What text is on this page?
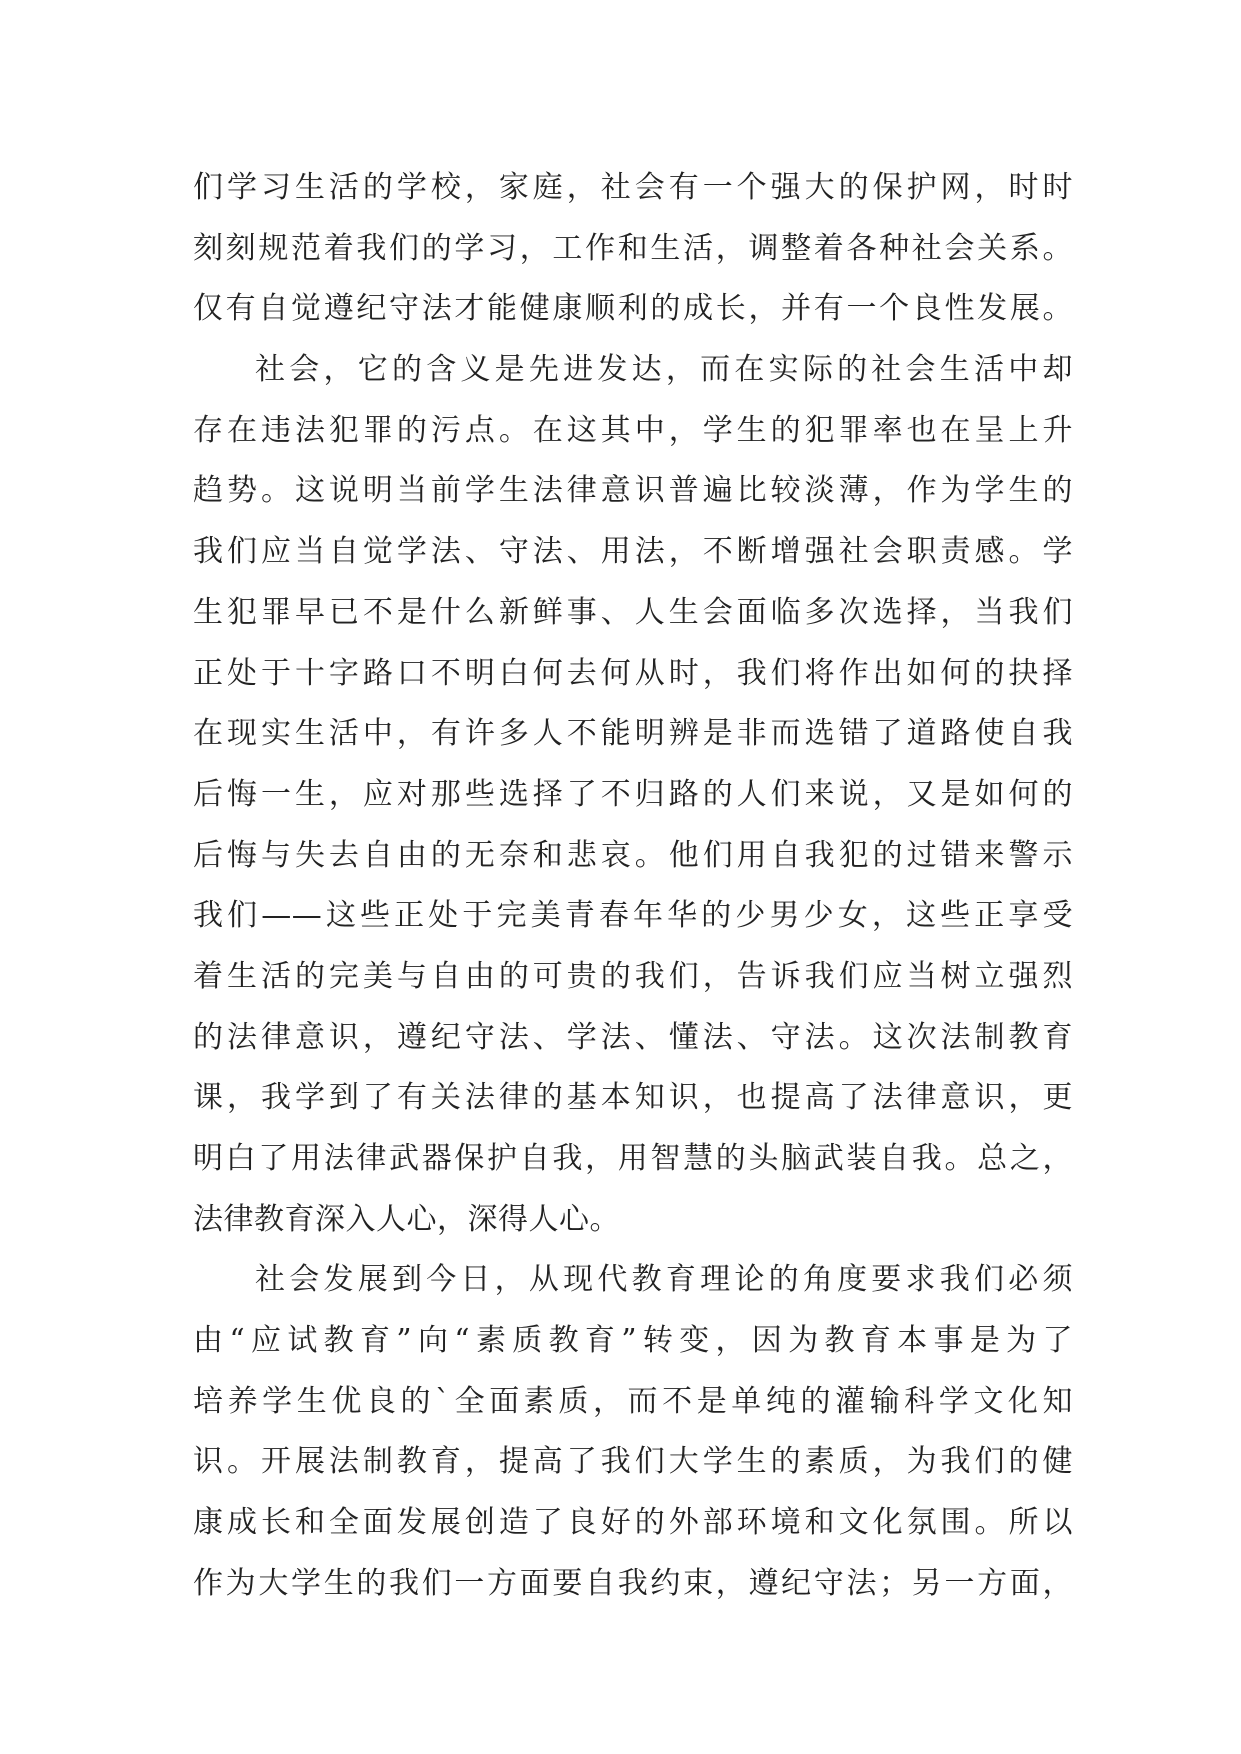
们学习生活的学校，家庭，社会有一个强大的保护网，时时
刻刻规范着我们的学习，工作和生活，调整着各种社会关系。
仅有自觉遵纪守法才能健康顺利的成长，并有一个良性发展。
社会，它的含义是先进发达，而在实际的社会生活中却
存在违法犯罪的污点。在这其中，学生的犯罪率也在呈上升
趋势。这说明当前学生法律意识普遍比较淡薄，作为学生的
我们应当自觉学法、守法、用法，不断增强社会职责感。学
生犯罪早已不是什么新鲜事、人生会面临多次选择，当我们
正处于十字路口不明白何去何从时，我们将作出如何的抉择
在现实生活中，有许多人不能明辨是非而选错了道路使自我
后悔一生，应对那些选择了不归路的人们来说，又是如何的
后悔与失去自由的无奈和悲哀。他们用自我犯的过错来警示
我们——这些正处于完美青春年华的少男少女，这些正享受
着生活的完美与自由的可贵的我们，告诉我们应当树立强烈
的法律意识，遵纪守法、学法、懂法、守法。这次法制教育
课，我学到了有关法律的基本知识，也提高了法律意识，更
明白了用法律武器保护自我，用智慧的头脑武装自我。总之，
法律教育深入人心，深得人心。
社会发展到今日，从现代教育理论的角度要求我们必须
由“应试教育”向“素质教育”转变，因为教育本事是为了
培养学生优良的`全面素质，而不是单纯的灌输科学文化知
识。开展法制教育，提高了我们大学生的素质，为我们的健
康成长和全面发展创造了良好的外部环境和文化氛围。所以
作为大学生的我们一方面要自我约束，遵纪守法；另一方面，
